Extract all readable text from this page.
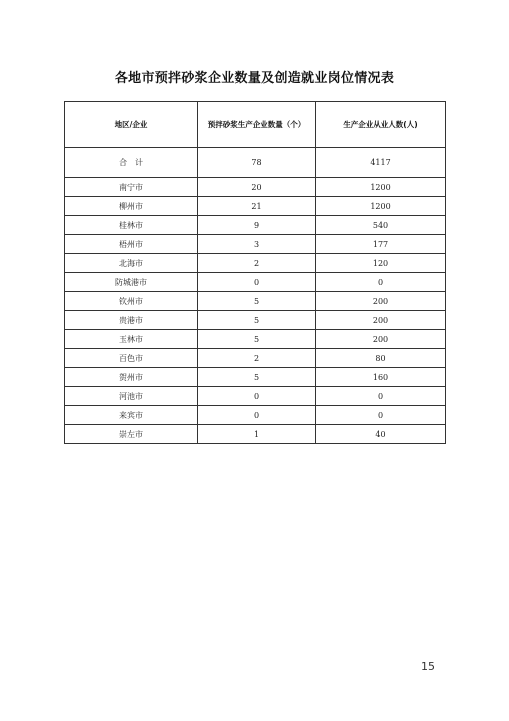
各地市预拌砂浆企业数量及创造就业岗位情况表
地区/企业	预拌砂浆生产企业数量（个）	生产企业从业人数(人)
合　计	78	4117
南宁市	20	1200
柳州市	21	1200
桂林市	9	540
梧州市	3	177
北海市	2	120
防城港市	0	0
钦州市	5	200
贵港市	5	200
玉林市	5	200
百色市	2	80
贺州市	5	160
河池市	0	0
来宾市	0	0
崇左市	1	40
15
